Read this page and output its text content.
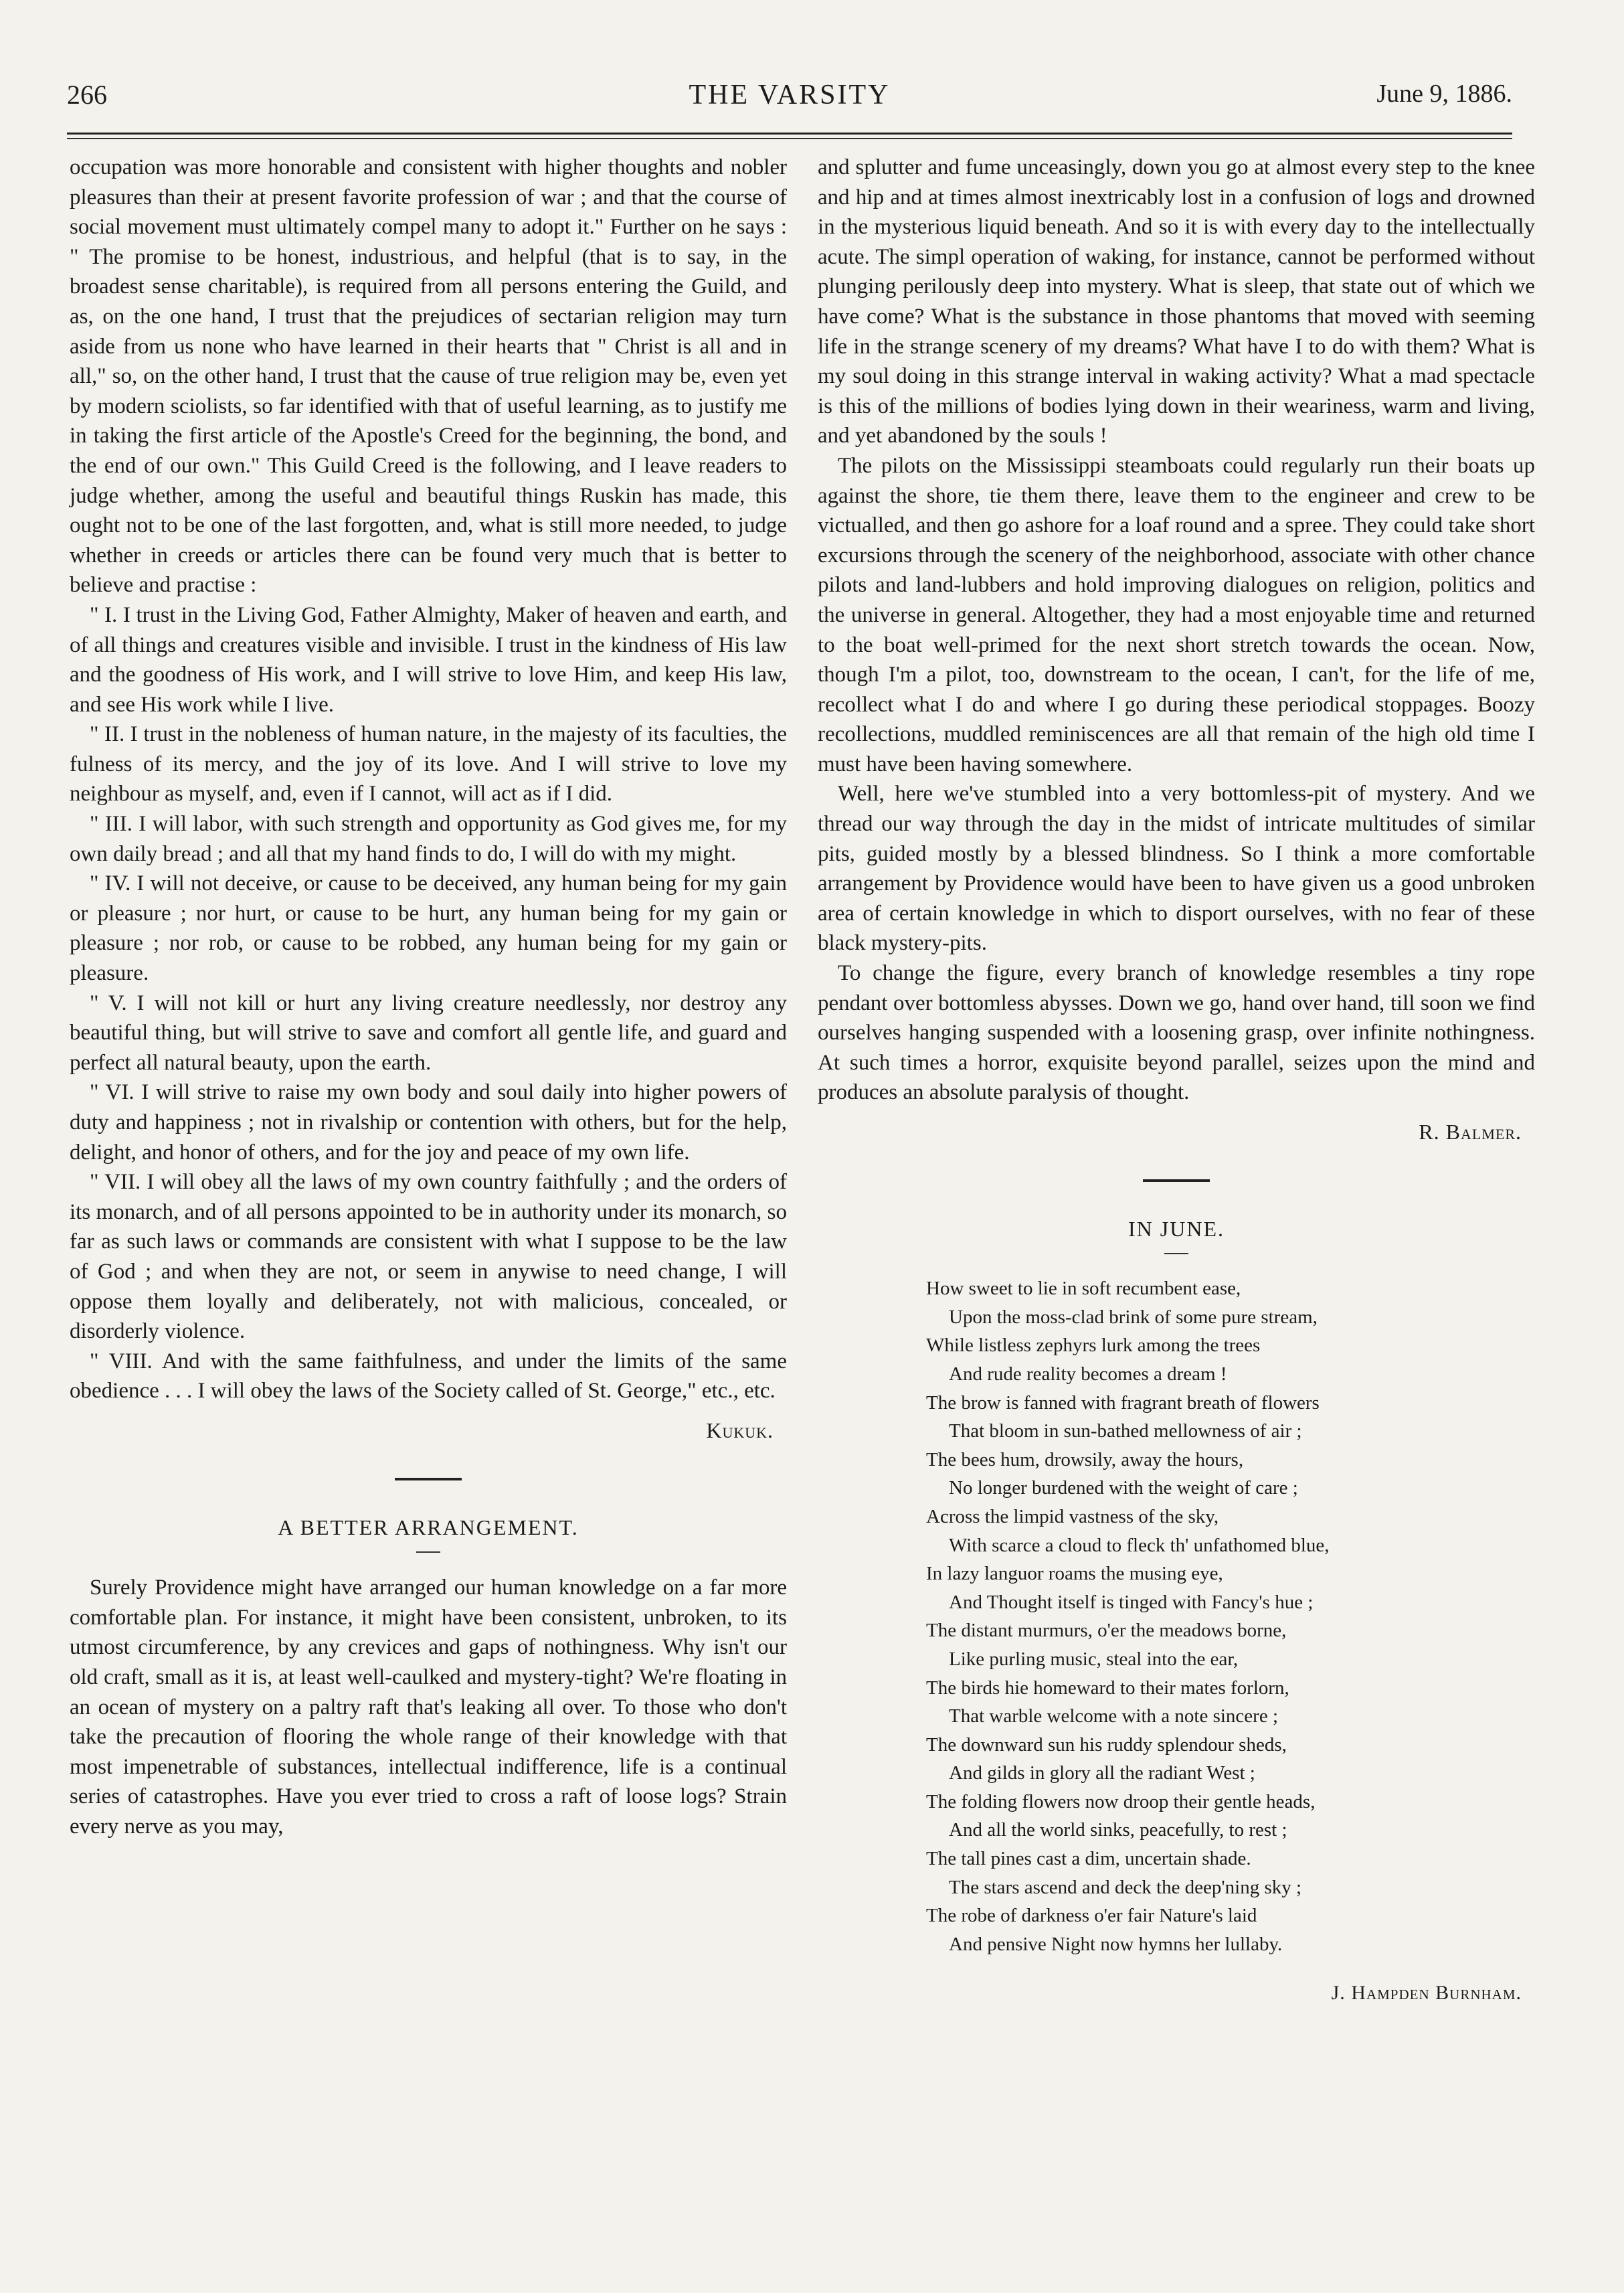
266	THE VARSITY	June 9, 1886.

occupation was more honorable and consistent with higher thoughts and nobler pleasures than their at present favorite profession of war ; and that the course of social movement must ultimately compel many to adopt it." Further on he says : " The promise to be honest, industrious, and helpful (that is to say, in the broadest sense charitable), is required from all persons entering the Guild, and as, on the one hand, I trust that the prejudices of sectarian religion may turn aside from us none who have learned in their hearts that " Christ is all and in all," so, on the other hand, I trust that the cause of true religion may be, even yet by modern sciolists, so far identified with that of useful learning, as to justify me in taking the first article of the Apostle's Creed for the beginning, the bond, and the end of our own." This Guild Creed is the following, and I leave readers to judge whether, among the useful and beautiful things Ruskin has made, this ought not to be one of the last forgotten, and, what is still more needed, to judge whether in creeds or articles there can be found very much that is better to believe and practise :

" I. I trust in the Living God, Father Almighty, Maker of heaven and earth, and of all things and creatures visible and invisible. I trust in the kindness of His law and the goodness of His work, and I will strive to love Him, and keep His law, and see His work while I live.

" II. I trust in the nobleness of human nature, in the majesty of its faculties, the fulness of its mercy, and the joy of its love. And I will strive to love my neighbour as myself, and, even if I cannot, will act as if I did.

" III. I will labor, with such strength and opportunity as God gives me, for my own daily bread ; and all that my hand finds to do, I will do with my might.

" IV. I will not deceive, or cause to be deceived, any human being for my gain or pleasure ; nor hurt, or cause to be hurt, any human being for my gain or pleasure ; nor rob, or cause to be robbed, any human being for my gain or pleasure.

" V. I will not kill or hurt any living creature needlessly, nor destroy any beautiful thing, but will strive to save and comfort all gentle life, and guard and perfect all natural beauty, upon the earth.

" VI. I will strive to raise my own body and soul daily into higher powers of duty and happiness ; not in rivalship or contention with others, but for the help, delight, and honor of others, and for the joy and peace of my own life.

" VII. I will obey all the laws of my own country faithfully ; and the orders of its monarch, and of all persons appointed to be in authority under its monarch, so far as such laws or commands are consistent with what I suppose to be the law of God ; and when they are not, or seem in anywise to need change, I will oppose them loyally and deliberately, not with malicious, concealed, or disorderly violence.

" VIII. And with the same faithfulness, and under the limits of the same obedience . . . I will obey the laws of the Society called of St. George," etc., etc.

Kukuk.
A BETTER ARRANGEMENT.

Surely Providence might have arranged our human knowledge on a far more comfortable plan. For instance, it might have been consistent, unbroken, to its utmost circumference, by any crevices and gaps of nothingness. Why isn't our old craft, small as it is, at least well-caulked and mystery-tight? We're floating in an ocean of mystery on a paltry raft that's leaking all over. To those who don't take the precaution of flooring the whole range of their knowledge with that most impenetrable of substances, intellectual indifference, life is a continual series of catastrophes. Have you ever tried to cross a raft of loose logs? Strain every nerve as you may,

and splutter and fume unceasingly, down you go at almost every step to the knee and hip and at times almost inextricably lost in a confusion of logs and drowned in the mysterious liquid beneath. And so it is with every day to the intellectually acute. The simpl operation of waking, for instance, cannot be performed without plunging perilously deep into mystery. What is sleep, that state out of which we have come? What is the substance in those phantoms that moved with seeming life in the strange scenery of my dreams? What have I to do with them? What is my soul doing in this strange interval in waking activity? What a mad spectacle is this of the millions of bodies lying down in their weariness, warm and living, and yet abandoned by the souls !

The pilots on the Mississippi steamboats could regularly run their boats up against the shore, tie them there, leave them to the engineer and crew to be victualled, and then go ashore for a loaf round and a spree. They could take short excursions through the scenery of the neighborhood, associate with other chance pilots and land-lubbers and hold improving dialogues on religion, politics and the universe in general. Altogether, they had a most enjoyable time and returned to the boat well-primed for the next short stretch towards the ocean. Now, though I'm a pilot, too, downstream to the ocean, I can't, for the life of me, recollect what I do and where I go during these periodical stoppages. Boozy recollections, muddled reminiscences are all that remain of the high old time I must have been having somewhere.

Well, here we've stumbled into a very bottomless-pit of mystery. And we thread our way through the day in the midst of intricate multitudes of similar pits, guided mostly by a blessed blindness. So I think a more comfortable arrangement by Providence would have been to have given us a good unbroken area of certain knowledge in which to disport ourselves, with no fear of these black mystery-pits.

To change the figure, every branch of knowledge resembles a tiny rope pendant over bottomless abysses. Down we go, hand over hand, till soon we find ourselves hanging suspended with a loosening grasp, over infinite nothingness. At such times a horror, exquisite beyond parallel, seizes upon the mind and produces an absolute paralysis of thought.

R. Balmer.
IN JUNE.
How sweet to lie in soft recumbent ease,
Upon the moss-clad brink of some pure stream,
While listless zephyrs lurk among the trees
And rude reality becomes a dream !
The brow is fanned with fragrant breath of flowers
That bloom in sun-bathed mellowness of air ;
The bees hum, drowsily, away the hours,
No longer burdened with the weight of care ;
Across the limpid vastness of the sky,
With scarce a cloud to fleck th' unfathomed blue,
In lazy languor roams the musing eye,
And Thought itself is tinged with Fancy's hue ;
The distant murmurs, o'er the meadows borne,
Like purling music, steal into the ear,
The birds hie homeward to their mates forlorn,
That warble welcome with a note sincere ;
The downward sun his ruddy splendour sheds,
And gilds in glory all the radiant West ;
The folding flowers now droop their gentle heads,
And all the world sinks, peacefully, to rest ;
The tall pines cast a dim, uncertain shade.
The stars ascend and deck the deep'ning sky ;
The robe of darkness o'er fair Nature's laid
And pensive Night now hymns her lullaby.
J. Hampden Burnham.
